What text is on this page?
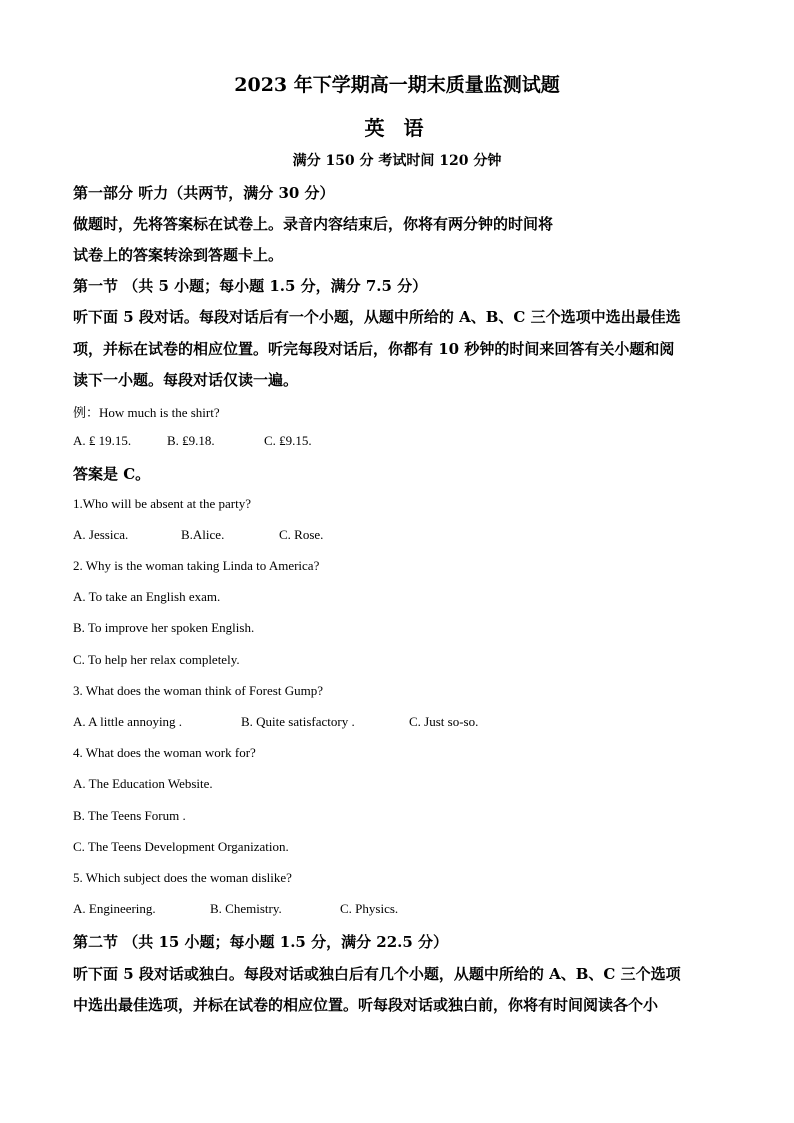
2023 年下学期高一期末质量监测试题
英 语
满分 150 分 考试时间 120 分钟
第一部分 听力（共两节，满分 30 分）
做题时，先将答案标在试卷上。录音内容结束后，你将有两分钟的时间将
试卷上的答案转涂到答题卡上。
第一节 （共 5 小题；每小题 1.5 分，满分 7.5 分）
听下面 5 段对话。每段对话后有一个小题，从题中所给的 A、B、C 三个选项中选出最佳选
项，并标在试卷的相应位置。听完每段对话后，你都有 10 秒钟的时间来回答有关小题和阅
读下一小题。每段对话仅读一遍。
例：How much is the shirt?
A. ₤ 19.15.	B. ₤9.18.	C. ₤9.15.
答案是 C。
1.Who will be absent at the party?
A. Jessica.	B.Alice.	C. Rose.
2. Why is the woman taking Linda to America?
A. To take an English exam.
B. To improve her spoken English.
C. To help her relax completely.
3. What does the woman think of Forest Gump?
A. A little annoying .	B. Quite satisfactory .	C. Just so-so.
4. What does the woman work for?
A. The Education Website.
B. The Teens Forum .
C. The Teens Development Organization.
5. Which subject does the woman dislike?
A. Engineering.	B. Chemistry.	C. Physics.
第二节 （共 15 小题；每小题 1.5 分，满分 22.5 分）
听下面 5 段对话或独白。每段对话或独白后有几个小题，从题中所给的 A、B、C 三个选项
中选出最佳选项，并标在试卷的相应位置。听每段对话或独白前，你将有时间阅读各个小
